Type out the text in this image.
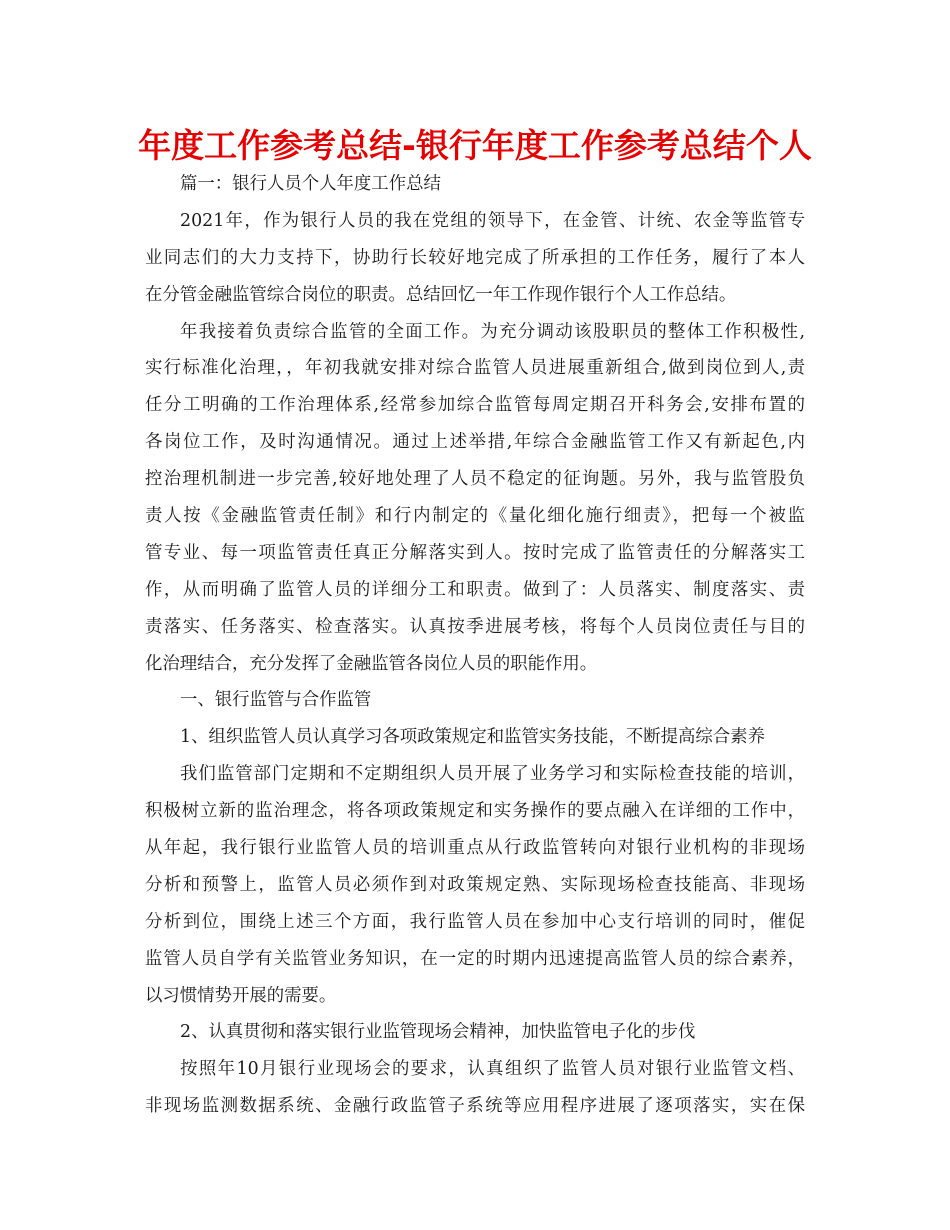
年度工作参考总结-银行年度工作参考总结个人
篇一：银行人员个人年度工作总结
2021年，作为银行人员的我在党组的领导下，在金管、计统、农金等监管专
业同志们的大力支持下，协助行长较好地完成了所承担的工作任务，履行了本人
在分管金融监管综合岗位的职责。总结回忆一年工作现作银行个人工作总结。
年我接着负责综合监管的全面工作。为充分调动该股职员的整体工作积极性,
实行标准化治理，，年初我就安排对综合监管人员进展重新组合,做到岗位到人,责
任分工明确的工作治理体系,经常参加综合监管每周定期召开科务会,安排布置的
各岗位工作，及时沟通情况。通过上述举措,年综合金融监管工作又有新起色,内
控治理机制进一步完善,较好地处理了人员不稳定的征询题。另外，我与监管股负
责人按《金融监管责任制》和行内制定的《量化细化施行细责》，把每一个被监
管专业、每一项监管责任真正分解落实到人。按时完成了监管责任的分解落实工
作，从而明确了监管人员的详细分工和职责。做到了：人员落实、制度落实、责
责落实、任务落实、检查落实。认真按季进展考核，将每个人员岗位责任与目的
化治理结合，充分发挥了金融监管各岗位人员的职能作用。
一、银行监管与合作监管
1、组织监管人员认真学习各项政策规定和监管实务技能，不断提高综合素养
我们监管部门定期和不定期组织人员开展了业务学习和实际检查技能的培训，
积极树立新的监治理念，将各项政策规定和实务操作的要点融入在详细的工作中，
从年起，我行银行业监管人员的培训重点从行政监管转向对银行业机构的非现场
分析和预警上，监管人员必须作到对政策规定熟、实际现场检查技能高、非现场
分析到位，围绕上述三个方面，我行监管人员在参加中心支行培训的同时，催促
监管人员自学有关监管业务知识，在一定的时期内迅速提高监管人员的综合素养，
以习惯情势开展的需要。
2、认真贯彻和落实银行业监管现场会精神，加快监管电子化的步伐
按照年10月银行业现场会的要求，认真组织了监管人员对银行业监管文档、
非现场监测数据系统、金融行政监管子系统等应用程序进展了逐项落实，实在保
